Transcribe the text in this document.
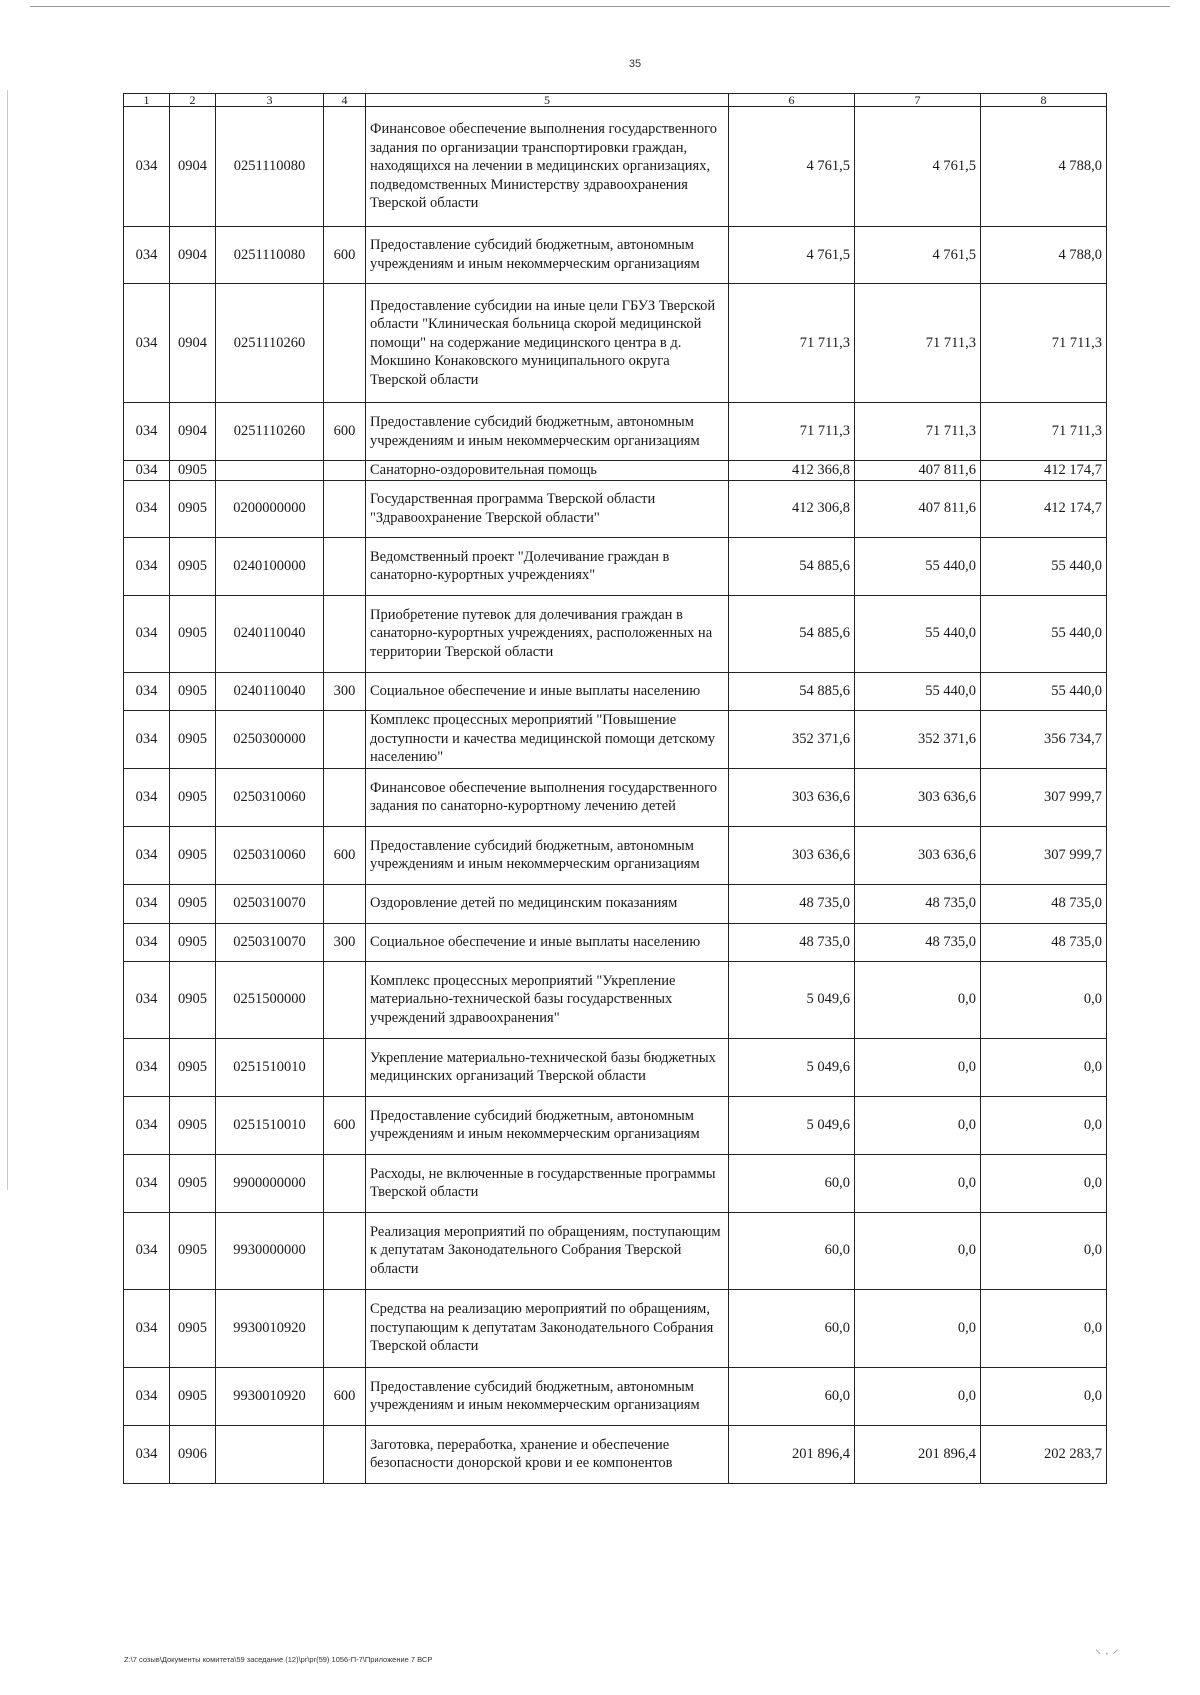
35
1	2	3	4	5	6	7	8
034	0904	0251110080		Финансовое обеспечение выполнения государственного задания по организации транспортировки граждан, находящихся на лечении в медицинских организациях, подведомственных Министерству здравоохранения Тверской области	4 761,5	4 761,5	4 788,0
034	0904	0251110080	600	Предоставление субсидий бюджетным, автономным учреждениям и иным некоммерческим организациям	4 761,5	4 761,5	4 788,0
034	0904	0251110260		Предоставление субсидии на иные цели ГБУЗ Тверской области "Клиническая больница скорой медицинской помощи" на содержание медицинского центра в д. Мокшино Конаковского муниципального округа Тверской области	71 711,3	71 711,3	71 711,3
034	0904	0251110260	600	Предоставление субсидий бюджетным, автономным учреждениям и иным некоммерческим организациям	71 711,3	71 711,3	71 711,3
034	0905			Санаторно-оздоровительная помощь	412 366,8	407 811,6	412 174,7
034	0905	0200000000		Государственная программа Тверской области "Здравоохранение Тверской области"	412 306,8	407 811,6	412 174,7
034	0905	0240100000		Ведомственный проект "Долечивание граждан в санаторно-курортных учреждениях"	54 885,6	55 440,0	55 440,0
034	0905	0240110040		Приобретение путевок для долечивания граждан в санаторно-курортных учреждениях, расположенных на территории Тверской области	54 885,6	55 440,0	55 440,0
034	0905	0240110040	300	Социальное обеспечение и иные выплаты населению	54 885,6	55 440,0	55 440,0
034	0905	0250300000		Комплекс процессных мероприятий "Повышение доступности и качества медицинской помощи детскому населению"	352 371,6	352 371,6	356 734,7
034	0905	0250310060		Финансовое обеспечение выполнения государственного задания по санаторно-курортному лечению детей	303 636,6	303 636,6	307 999,7
034	0905	0250310060	600	Предоставление субсидий бюджетным, автономным учреждениям и иным некоммерческим организациям	303 636,6	303 636,6	307 999,7
034	0905	0250310070		Оздоровление детей по медицинским показаниям	48 735,0	48 735,0	48 735,0
034	0905	0250310070	300	Социальное обеспечение и иные выплаты населению	48 735,0	48 735,0	48 735,0
034	0905	0251500000		Комплекс процессных мероприятий "Укрепление материально-технической базы государственных учреждений здравоохранения"	5 049,6	0,0	0,0
034	0905	0251510010		Укрепление материально-технической базы бюджетных медицинских организаций Тверской области	5 049,6	0,0	0,0
034	0905	0251510010	600	Предоставление субсидий бюджетным, автономным учреждениям и иным некоммерческим организациям	5 049,6	0,0	0,0
034	0905	9900000000		Расходы, не включенные в государственные программы Тверской области	60,0	0,0	0,0
034	0905	9930000000		Реализация мероприятий по обращениям, поступающим к депутатам Законодательного Собрания Тверской области	60,0	0,0	0,0
034	0905	9930010920		Средства на реализацию мероприятий по обращениям, поступающим к депутатам Законодательного Собрания Тверской области	60,0	0,0	0,0
034	0905	9930010920	600	Предоставление субсидий бюджетным, автономным учреждениям и иным некоммерческим организациям	60,0	0,0	0,0
034	0906			Заготовка, переработка, хранение и обеспечение безопасности донорской крови и ее компонентов	201 896,4	201 896,4	202 283,7
Z:\7 созыв\Документы комитета\59 заседание (12)\pr\pr(59) 1056-П-7\Приложение 7 ВСР	⸌ · ⸍
